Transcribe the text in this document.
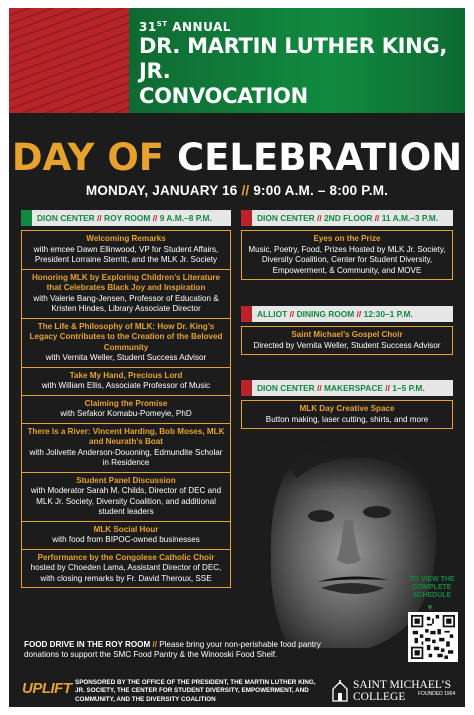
31ST ANNUAL
DR. MARTIN LUTHER KING, JR.
CONVOCATION
DAY OF CELEBRATION
MONDAY, JANUARY 16 // 9:00 A.M. – 8:00 P.M.
DION CENTER // ROY ROOM // 9 A.M.–8 P.M.
Welcoming Remarks
with emcee Dawn Ellinwood, VP for Student Affairs, President Lorraine Sterritt, and the MLK Jr. Society
Honoring MLK by Exploring Children’s Literature that Celebrates Black Joy and Inspiration
with Valerie Bang-Jensen, Professor of Education & Kristen Hindes, Library Associate Director
The Life & Philosophy of MLK: How Dr. King’s Legacy Contributes to the Creation of the Beloved Community
with Vernita Weller, Student Success Advisor
Take My Hand, Precious Lord
with William Ellis, Associate Professor of Music
Claiming the Promise
with Sefakor Komabu-Pomeyie, PhD
There Is a River: Vincent Harding, Bob Moses, MLK and Neurath’s Boat
with Jolivette Anderson-Douoning, Edmundite Scholar in Residence
Student Panel Discussion
with Moderator Sarah M. Childs, Director of DEC and MLK Jr. Society, Diversity Coalition, and additional student leaders
MLK Social Hour
with food from BIPOC-owned businesses
Performance by the Congolese Catholic Choir
hosted by Choeden Lama, Assistant Director of DEC, with closing remarks by Fr. David Theroux, SSE
DION CENTER // 2ND FLOOR // 11 A.M.–3 P.M.
Eyes on the Prize
Music, Poetry, Food, Prizes Hosted by MLK Jr. Society, Diversity Coalition, Center for Student Diversity, Empowerment, & Community, and MOVE
ALLIOT // DINING ROOM // 12:30–1 P.M.
Saint Michael’s Gospel Choir
Directed by Vernita Weller, Student Success Advisor
DION CENTER // MAKERSPACE // 1–5 P.M.
MLK Day Creative Space
Button making, laser cutting, shirts, and more
TO VIEW THE COMPLETE SCHEDULE
▼
FOOD DRIVE IN THE ROY ROOM // Please bring your non-perishable food pantry donations to support the SMC Food Pantry & the Winooski Food Shelf.
UPLIFT SPONSORED BY THE OFFICE OF THE PRESIDENT, THE MARTIN LUTHER KING, JR. SOCIETY, THE CENTER FOR STUDENT DIVERSITY, EMPOWERMENT, AND COMMUNITY, AND THE DIVERSITY COALITION
SAINT MICHAEL’S
COLLEGE	FOUNDED 1904
